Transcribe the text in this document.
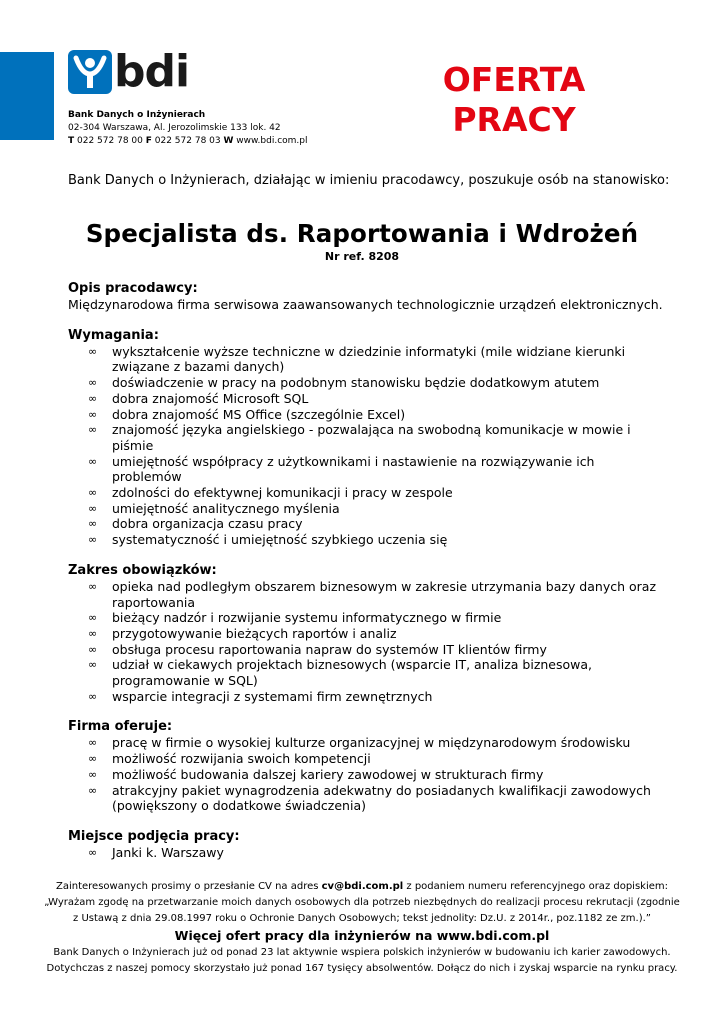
bdi
Bank Danych o Inżynierach
02-304 Warszawa, Al. Jerozolimskie 133 lok. 42
T 022 572 78 00 F 022 572 78 03 W www.bdi.com.pl
OFERTA
PRACY
Bank Danych o Inżynierach, działając w imieniu pracodawcy, poszukuje osób na stanowisko:
Specjalista ds. Raportowania i Wdrożeń
Nr ref. 8208
Opis pracodawcy:
Międzynarodowa firma serwisowa zaawansowanych technologicznie urządzeń elektronicznych.
Wymagania:
∞ wykształcenie wyższe techniczne w dziedzinie informatyki (mile widziane kierunki związane z bazami danych)
∞ doświadczenie w pracy na podobnym stanowisku będzie dodatkowym atutem
∞ dobra znajomość Microsoft SQL
∞ dobra znajomość MS Office (szczególnie Excel)
∞ znajomość języka angielskiego - pozwalająca na swobodną komunikacje w mowie i piśmie
∞ umiejętność współpracy z użytkownikami i nastawienie na rozwiązywanie ich problemów
∞ zdolności do efektywnej komunikacji i pracy w zespole
∞ umiejętność analitycznego myślenia
∞ dobra organizacja czasu pracy
∞ systematyczność i umiejętność szybkiego uczenia się
Zakres obowiązków:
∞ opieka nad podległym obszarem biznesowym w zakresie utrzymania bazy danych oraz raportowania
∞ bieżący nadzór i rozwijanie systemu informatycznego w firmie
∞ przygotowywanie bieżących raportów i analiz
∞ obsługa procesu raportowania napraw do systemów IT klientów firmy
∞ udział w ciekawych projektach biznesowych (wsparcie IT, analiza biznesowa, programowanie w SQL)
∞ wsparcie integracji z systemami firm zewnętrznych
Firma oferuje:
∞ pracę w firmie o wysokiej kulturze organizacyjnej w międzynarodowym środowisku
∞ możliwość rozwijania swoich kompetencji
∞ możliwość budowania dalszej kariery zawodowej w strukturach firmy
∞ atrakcyjny pakiet wynagrodzenia adekwatny do posiadanych kwalifikacji zawodowych (powiększony o dodatkowe świadczenia)
Miejsce podjęcia pracy:
∞ Janki k. Warszawy
Zainteresowanych prosimy o przesłanie CV na adres cv@bdi.com.pl z podaniem numeru referencyjnego oraz dopiskiem:
„Wyrażam zgodę na przetwarzanie moich danych osobowych dla potrzeb niezbędnych do realizacji procesu rekrutacji (zgodnie
z Ustawą z dnia 29.08.1997 roku o Ochronie Danych Osobowych; tekst jednolity: Dz.U. z 2014r., poz.1182 ze zm.).”
Więcej ofert pracy dla inżynierów na www.bdi.com.pl
Bank Danych o Inżynierach już od ponad 23 lat aktywnie wspiera polskich inżynierów w budowaniu ich karier zawodowych.
Dotychczas z naszej pomocy skorzystało już ponad 167 tysięcy absolwentów. Dołącz do nich i zyskaj wsparcie na rynku pracy.
